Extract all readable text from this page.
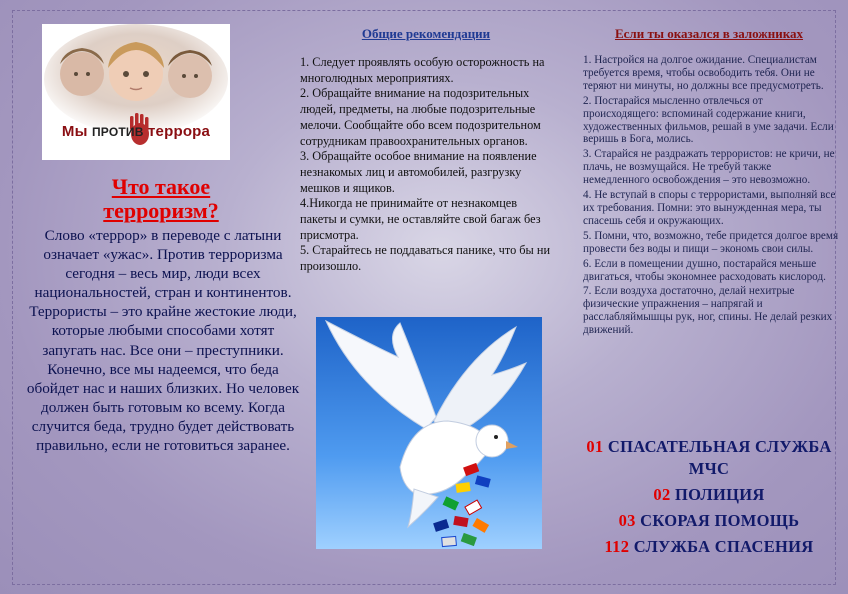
Мы ПРОТИВ террора
Что такое
терроризм?

Слово «террор» в переводе с латыни означает «ужас». Против терроризма сегодня – весь мир, люди всех национальностей, стран и континентов.

Террористы – это крайне жестокие люди, которые любыми способами хотят запугать нас. Все они – преступники. Конечно, все мы надеемся, что беда обойдет нас и наших близких. Но человек должен быть готовым ко всему. Когда случится беда, трудно будет действовать правильно, если не готовиться заранее.

Общие рекомендации

1. Следует проявлять особую осторожность на многолюдных мероприятиях.

2. Обращайте внимание на подозрительных людей, предметы, на любые подозрительные мелочи. Сообщайте обо всем подозрительном сотрудникам правоохранительных органов.

3. Обращайте особое внимание на появление незнакомых лиц и автомобилей, разгрузку мешков и ящиков.

4.Никогда не принимайте от незнакомцев пакеты и сумки, не оставляйте свой багаж без присмотра.

5. Старайтесь не поддаваться панике, что бы ни произошло.

Если ты оказался в заложниках

1. Настройся на долгое ожидание. Специалистам требуется время, чтобы освободить тебя. Они не теряют ни минуты, но должны все предусмотреть.

2. Постарайся мысленно отвлечься от происходящего: вспоминай содержание книги, художественных фильмов, решай в уме задачи. Если веришь в Бога, молись.

3. Старайся не раздражать террористов: не кричи, не плачь, не возмущайся. Не требуй также немедленного освобождения – это невозможно.

4. Не вступай в споры с террористами, выполняй все их требования. Помни: это вынужденная мера, ты спасешь себя и окружающих.

5. Помни, что, возможно, тебе придется долгое время провести без воды и пищи – экономь свои силы.

6. Если в помещении душно, постарайся меньше двигаться, чтобы экономнее расходовать кислород.

7. Если воздуха достаточно, делай нехитрые физические упражнения – напрягай и расслабляймышцы рук, ног, спины. Не делай резких движений.

01 СПАСАТЕЛЬНАЯ СЛУЖБА МЧС
02 ПОЛИЦИЯ
03 СКОРАЯ ПОМОЩЬ
112 СЛУЖБА СПАСЕНИЯ
